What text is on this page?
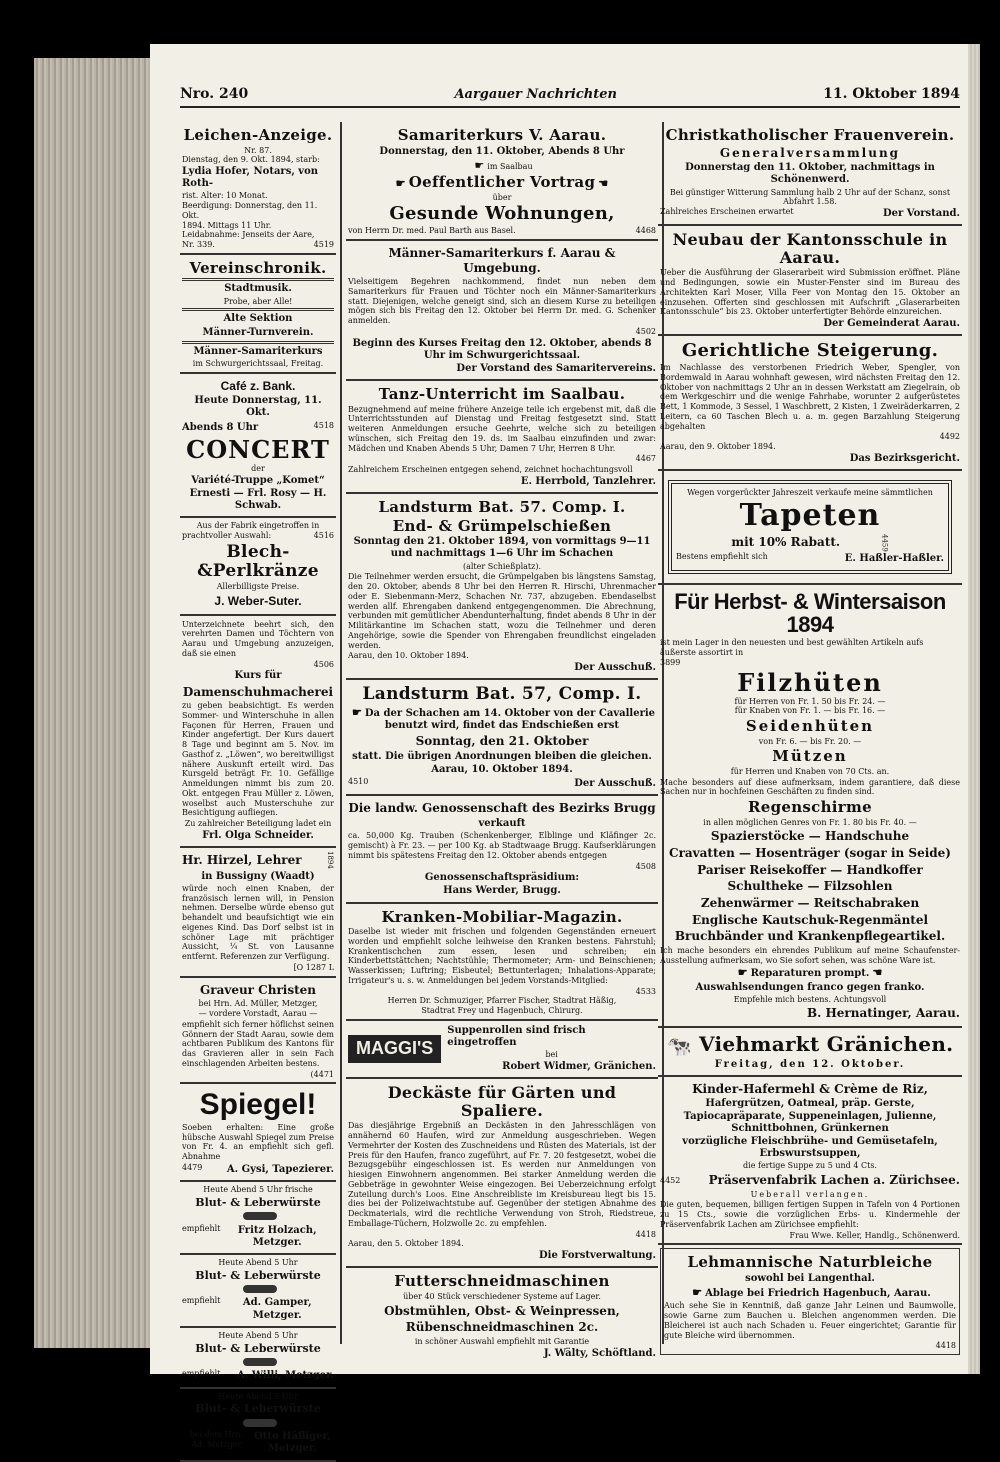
Nro. 240	Aargauer Nachrichten	11. Oktober 1894
Leichen-Anzeige.
Nr. 87.
Dienstag, den 9. Okt. 1894, starb:
Lydia Hofer, Notars, von Roth-
rist. Alter: 10 Monat.
Beerdigung: Donnerstag, den 11. Okt.
1894. Mittags 11 Uhr.
Leidabnahme: Jenseits der Aare,
Nr. 339.	4519
Vereinschronik.
Stadtmusik.
Probe, aber Alle!
Alte Sektion
Männer-Turnverein.
Männer-Samariterkurs
im Schwurgerichtssaal, Freitag.
Café z. Bank.
Heute Donnerstag, 11. Okt.
Abends 8 Uhr	4518
CONCERT
der
Variété-Truppe „Komet“
Ernesti — Frl. Rosy — H. Schwab.
Aus der Fabrik eingetroffen in
prachtvoller Auswahl:	4516
Blech-&Perlkränze
Allerbilligste Preise.
J. Weber-Suter.

Unterzeichnete beehrt sich, den verehrten Damen und Töchtern von Aarau und Umgebung anzuzeigen, daß sie einen

4506
Kurs für
Damenschuhmacherei

zu geben beabsichtigt. Es werden Sommer- und Winterschuhe in allen Façonen für Herren, Frauen und Kinder angefertigt. Der Kurs dauert 8 Tage und beginnt am 5. Nov. im Gasthof z. „Löwen“, wo bereitwilligst nähere Auskunft erteilt wird. Das Kursgeld beträgt Fr. 10. Gefällige Anmeldungen nimmt bis zum 20. Okt. entgegen Frau Müller z. Löwen, woselbst auch Musterschuhe zur Besichtigung aufliegen.

Zu zahlreicher Beteiligung ladet ein
Frl. Olga Schneider.
Hr. Hirzel, Lehrer	1894
in Bussigny (Waadt)

würde noch einen Knaben, der französisch lernen will, in Pension nehmen. Derselbe würde ebenso gut behandelt und beaufsichtigt wie ein eigenes Kind. Das Dorf selbst ist in schöner Lage mit prächtiger Aussicht, ¼ St. von Lausanne entfernt. Referenzen zur Verfügung.

[O 1287 L
Graveur Christen
bei Hrn. Ad. Müller, Metzger,
— vordere Vorstadt, Aarau —

empfiehlt sich ferner höflichst seinen Gönnern der Stadt Aarau, sowie dem achtbaren Publikum des Kantons für das Gravieren aller in sein Fach einschlagenden Arbeiten bestens.

(4471
Spiegel!

Soeben erhalten: Eine große hübsche Auswahl Spiegel zum Preise von Fr. 4. an empfiehlt sich gefl. Abnahme

4479 A. Gysi, Tapezierer.
Heute Abend 5 Uhr frische
Blut- & Leberwürste
empfiehlt	Fritz Holzach, Metzger.
Heute Abend 5 Uhr
Blut- & Leberwürste
empfiehlt	Ad. Gamper, Metzger.
Heute Abend 5 Uhr
Blut- & Leberwürste
empfiehlt A. Willi, Metzger.
Heute Abend 5 Uhr
Blut- & Leberwürste
bei dem Hrn. Ad. Metzger
Otto Häfliger, Metzger.
Samariterkurs V. Aarau.
Donnerstag, den 11. Oktober, Abends 8 Uhr
☛ im Saalbau
☛ Oeffentlicher Vortrag ☚
über
Gesunde Wohnungen,
von Herrn Dr. med. Paul Barth aus Basel.	4468
Männer-Samariterkurs f. Aarau & Umgebung.

Vielseitigem Begehren nachkommend, findet nun neben dem Samariterkurs für Frauen und Töchter noch ein Männer-Samariterkurs statt. Diejenigen, welche geneigt sind, sich an diesem Kurse zu beteiligen mögen sich bis Freitag den 12. Oktober bei Herrn Dr. med. G. Schenker anmelden.

4502
Beginn des Kurses Freitag den 12. Oktober, abends 8 Uhr im Schwurgerichtssaal.
Der Vorstand des Samaritervereins.
Tanz-Unterricht im Saalbau.

Bezugnehmend auf meine frühere Anzeige teile ich ergebenst mit, daß die Unterrichtsstunden auf Dienstag und Freitag festgesetzt sind. Statt weiteren Anmeldungen ersuche Geehrte, welche sich zu beteiligen wünschen, sich Freitag den 19. ds. im Saalbau einzufinden und zwar: Mädchen und Knaben Abends 5 Uhr, Damen 7 Uhr, Herren 8 Uhr.

4467

Zahlreichem Erscheinen entgegen sehend, zeichnet hochachtungsvoll

E. Herrbold, Tanzlehrer.
Landsturm Bat. 57. Comp. I.
End- & Grümpelschießen
Sonntag den 21. Oktober 1894, von vormittags 9—11 und nachmittags 1—6 Uhr im Schachen
(alter Schießplatz).

Die Teilnehmer werden ersucht, die Grümpelgaben bis längstens Samstag, den 20. Oktober, abends 8 Uhr bei den Herren R. Hirschi, Uhrenmacher oder E. Siebenmann-Merz, Schachen Nr. 737, abzugeben. Ebendaselbst werden allf. Ehrengaben dankend entgegengenommen. Die Abrechnung, verbunden mit gemütlicher Abendunterhaltung, findet abends 8 Uhr in der Militärkantine im Schachen statt, wozu die Teilnehmer und deren Angehörige, sowie die Spender von Ehrengaben freundlichst eingeladen werden.

Aarau, den 10. Oktober 1894.
Der Ausschuß.
Landsturm Bat. 57, Comp. I.
☛ Da der Schachen am 14. Oktober von der Cavallerie benutzt wird, findet das Endschießen erst
Sonntag, den 21. Oktober
statt. Die übrigen Anordnungen bleiben die gleichen.
Aarau, 10. Oktober 1894.
4510	Der Ausschuß.
Die landw. Genossenschaft des Bezirks Brugg
verkauft

ca. 50,000 Kg. Trauben (Schenkenberger, Elblinge und Kläfinger 2c. gemischt) à Fr. 23. — per 100 Kg. ab Stadtwaage Brugg. Kaufserklärungen nimmt bis spätestens Freitag den 12. Oktober abends entgegen

4508
Genossenschaftspräsidium:
Hans Werder, Brugg.
Kranken-Mobiliar-Magazin.

Daselbe ist wieder mit frischen und folgenden Gegenständen erneuert worden und empfiehlt solche leihweise den Kranken bestens. Fahrstuhl; Krankentischchen zum essen, lesen und schreiben; ein Kinderbettstättchen; Nachtstühle; Thermometer; Arm- und Beinschienen; Wasserkissen; Luftring; Eisbeutel; Bettunterlagen; Inhalations-Apparate; Irrigateur's u. s. w. Anmeldungen bei jedem Vorstands-Mitglied:

4533
Herren Dr. Schmuziger, Pfarrer Fischer, Stadtrat Häßig,
Stadtrat Frey und Hagenbuch, Chirurg.
MAGGI'S
Suppenrollen sind frisch eingetroffen
bei
Robert Widmer, Gränichen.
Deckäste für Gärten und Spaliere.

Das diesjährige Ergebniß an Deckästen in den Jahresschlägen von annähernd 60 Haufen, wird zur Anmeldung ausgeschrieben. Wegen Vermehrter der Kosten des Zuschneidens und Rüsten des Materials, ist der Preis für den Haufen, franco zugeführt, auf Fr. 7. 20 festgesetzt, wobei die Bezugsgebühr eingeschlossen ist. Es werden nur Anmeldungen von hiesigen Einwohnern angenommen. Bei starker Anmeldung werden die Gebbeträge in gewohnter Weise eingezogen. Bei Ueberzeichnung erfolgt Zuteilung durch's Loos. Eine Anschreibliste im Kreisbureau liegt bis 15. dies bei der Polizeiwachtstube auf. Gegenüber der stetigen Abnahme des Deckmaterials, wird die rechtliche Verwendung von Stroh, Riedstreue, Emballage-Tüchern, Holzwolle 2c. zu empfehlen.

4418
Aarau, den 5. Oktober 1894.
Die Forstverwaltung.
Futterschneidmaschinen
über 40 Stück verschiedener Systeme auf Lager.
Obstmühlen, Obst- & Weinpressen,
Rübenschneidmaschinen 2c.
in schöner Auswahl empfiehlt mit Garantie
J. Wälty, Schöftland.
Christkatholischer Frauenverein.
Generalversammlung
Donnerstag den 11. Oktober, nachmittags in Schönenwerd.
Bei günstiger Witterung Sammlung halb 2 Uhr auf der Schanz, sonst Abfahrt 1.58.
Zahlreiches Erscheinen erwartet	Der Vorstand.
Neubau der Kantonsschule in Aarau.

Ueber die Ausführung der Glaserarbeit wird Submission eröffnet. Pläne und Bedingungen, sowie ein Muster-Fenster sind im Bureau des Architekten Karl Moser, Villa Feer von Montag den 15. Oktober an einzusehen. Offerten sind geschlossen mit Aufschrift „Glaserarbeiten Kantonsschule“ bis 23. Oktober unterfertigter Behörde einzureichen.

Der Gemeinderat Aarau.
Gerichtliche Steigerung.

Im Nachlasse des verstorbenen Friedrich Weber, Spengler, von Bordemwald in Aarau wohnhaft gewesen, wird nächsten Freitag den 12. Oktober von nachmittags 2 Uhr an in dessen Werkstatt am Ziegelrain, ob dem Werkgeschirr und die wenige Fahrhabe, worunter 2 aufgerüstetes Bett, 1 Kommode, 3 Sessel, 1 Waschbrett, 2 Kisten, 1 Zweiräderkarren, 2 Leitern, ca 60 Taschen Blech u. a. m. gegen Barzahlung Steigerung abgehalten

4492
Aarau, den 9. Oktober 1894.
Das Bezirksgericht.
Wegen vorgerückter Jahreszeit verkaufe meine sämmtlichen
Tapeten
mit 10% Rabatt.	4459
Bestens empfiehlt sich	E. Haßler-Haßler.
Für Herbst- & Wintersaison 1894
ist mein Lager in den neuesten und best gewählten Artikeln aufs äußerste assortirt in
3899
Filzhüten
für Herren von Fr. 1. 50 bis Fr. 24. —
für Knaben von Fr. 1. — bis Fr. 16. —
Seidenhüten
von Fr. 6. — bis Fr. 20. —
Mützen
für Herren und Knaben von 70 Cts. an.

Mache besonders auf diese aufmerksam, indem garantiere, daß diese Sachen nur in hochfeinen Geschäften zu finden sind.

Regenschirme
in allen möglichen Genres von Fr. 1. 80 bis Fr. 40. —
Spazierstöcke — Handschuhe
Cravatten — Hosenträger (sogar in Seide)
Pariser Reisekoffer — Handkoffer
Schultheke — Filzsohlen
Zehenwärmer — Reitschabraken
Englische Kautschuk-Regenmäntel
Bruchbänder und Krankenpflegeartikel.

Ich mache besonders ein ehrendes Publikum auf meine Schaufenster-Ausstellung aufmerksam, wo Sie sofort sehen, was schöne Ware ist.

☛ Reparaturen prompt. ☚
Auswahlsendungen franco gegen franko.
Empfehle mich bestens. Achtungsvoll
B. Hernatinger, Aarau.
🐄 Viehmarkt Gränichen.
Freitag, den 12. Oktober.
Kinder-Hafermehl & Crème de Riz,
Hafergrützen, Oatmeal, präp. Gerste, Tapiocapräparate, Suppeneinlagen, Julienne, Schnittbohnen, Grünkernen
vorzügliche Fleischbrühe- und Gemüsetafeln, Erbswurstsuppen,
die fertige Suppe zu 5 und 4 Cts.
4452 Präservenfabrik Lachen a. Zürichsee.
Ueberall verlangen.

Die guten, bequemen, billigen fertigen Suppen in Tafeln von 4 Portionen zu 15 Cts., sowie die vorzüglichen Erbs- u. Kindermehle der Präservenfabrik Lachen am Zürichsee empfiehlt:

Frau Wwe. Keller, Handlg., Schönenwerd.
Lehmannische Naturbleiche
sowohl bei Langenthal.
☛ Ablage bei Friedrich Hagenbuch, Aarau.

Auch sehe Sie in Kenntniß, daß ganze Jahr Leinen und Baumwolle, sowie Garne zum Bauchen u. Bleichen angenommen werden. Die Bleicherei ist auch nach Schaden u. Feuer eingerichtet; Garantie für gute Bleiche wird übernommen.

4418
